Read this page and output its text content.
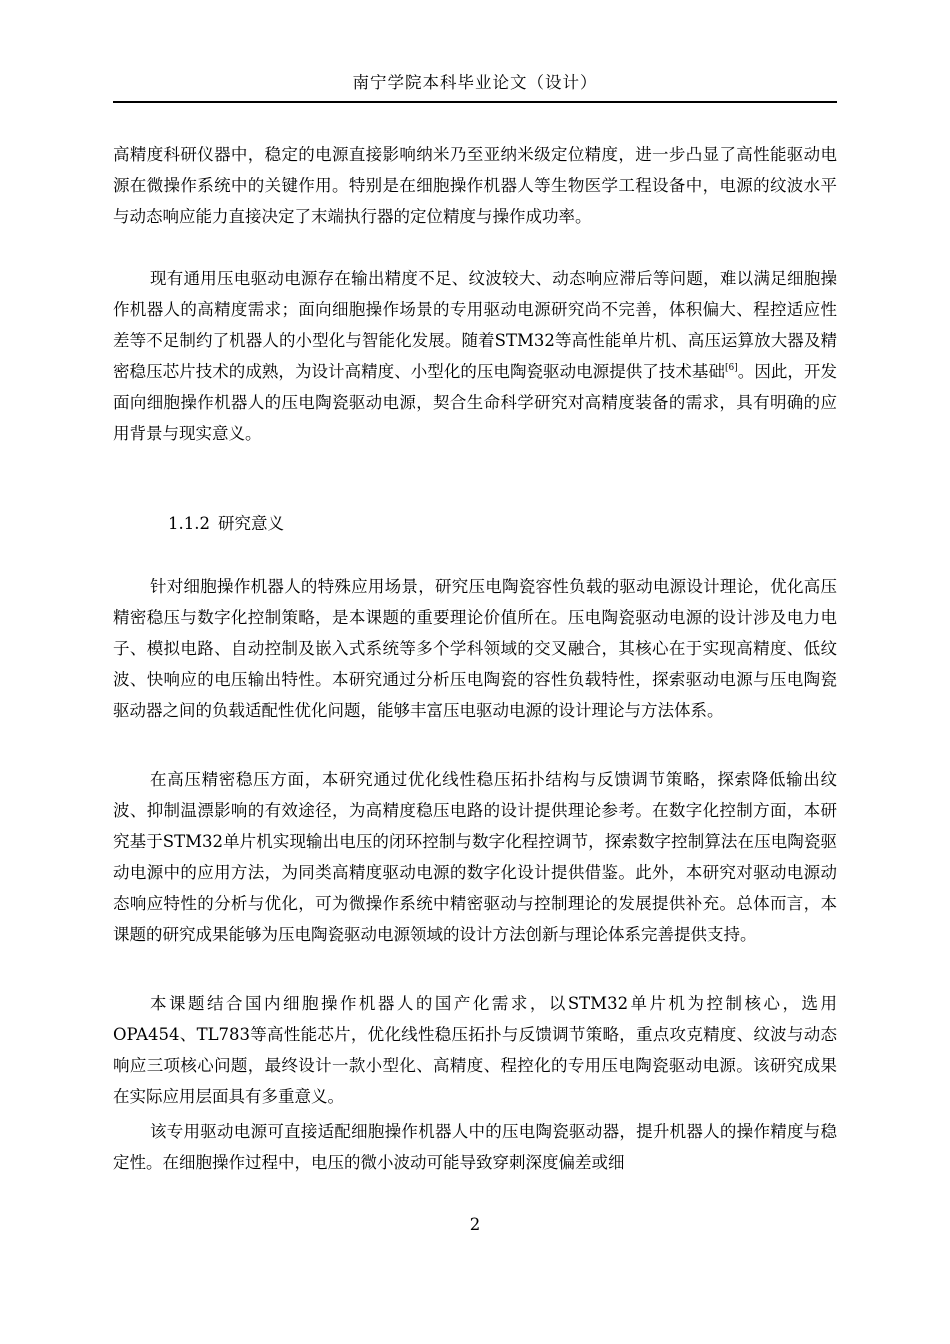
南宁学院本科毕业论文（设计）

高精度科研仪器中，稳定的电源直接影响纳米乃至亚纳米级定位精度，进一步凸显了高性能驱动电源在微操作系统中的关键作用。特别是在细胞操作机器人等生物医学工程设备中，电源的纹波水平与动态响应能力直接决定了末端执行器的定位精度与操作成功率。

现有通用压电驱动电源存在输出精度不足、纹波较大、动态响应滞后等问题，难以满足细胞操作机器人的高精度需求；面向细胞操作场景的专用驱动电源研究尚不完善，体积偏大、程控适应性差等不足制约了机器人的小型化与智能化发展。随着STM32等高性能单片机、高压运算放大器及精密稳压芯片技术的成熟，为设计高精度、小型化的压电陶瓷驱动电源提供了技术基础[6]。因此，开发面向细胞操作机器人的压电陶瓷驱动电源，契合生命科学研究对高精度装备的需求，具有明确的应用背景与现实意义。

1.1.2 研究意义

针对细胞操作机器人的特殊应用场景，研究压电陶瓷容性负载的驱动电源设计理论，优化高压精密稳压与数字化控制策略，是本课题的重要理论价值所在。压电陶瓷驱动电源的设计涉及电力电子、模拟电路、自动控制及嵌入式系统等多个学科领域的交叉融合，其核心在于实现高精度、低纹波、快响应的电压输出特性。本研究通过分析压电陶瓷的容性负载特性，探索驱动电源与压电陶瓷驱动器之间的负载适配性优化问题，能够丰富压电驱动电源的设计理论与方法体系。

在高压精密稳压方面，本研究通过优化线性稳压拓扑结构与反馈调节策略，探索降低输出纹波、抑制温漂影响的有效途径，为高精度稳压电路的设计提供理论参考。在数字化控制方面，本研究基于STM32单片机实现输出电压的闭环控制与数字化程控调节，探索数字控制算法在压电陶瓷驱动电源中的应用方法，为同类高精度驱动电源的数字化设计提供借鉴。此外，本研究对驱动电源动态响应特性的分析与优化，可为微操作系统中精密驱动与控制理论的发展提供补充。总体而言，本课题的研究成果能够为压电陶瓷驱动电源领域的设计方法创新与理论体系完善提供支持。

本课题结合国内细胞操作机器人的国产化需求，以STM32单片机为控制核心，选用OPA454、TL783等高性能芯片，优化线性稳压拓扑与反馈调节策略，重点攻克精度、纹波与动态响应三项核心问题，最终设计一款小型化、高精度、程控化的专用压电陶瓷驱动电源。该研究成果在实际应用层面具有多重意义。

该专用驱动电源可直接适配细胞操作机器人中的压电陶瓷驱动器，提升机器人的操作精度与稳定性。在细胞操作过程中，电压的微小波动可能导致穿刺深度偏差或细

2
